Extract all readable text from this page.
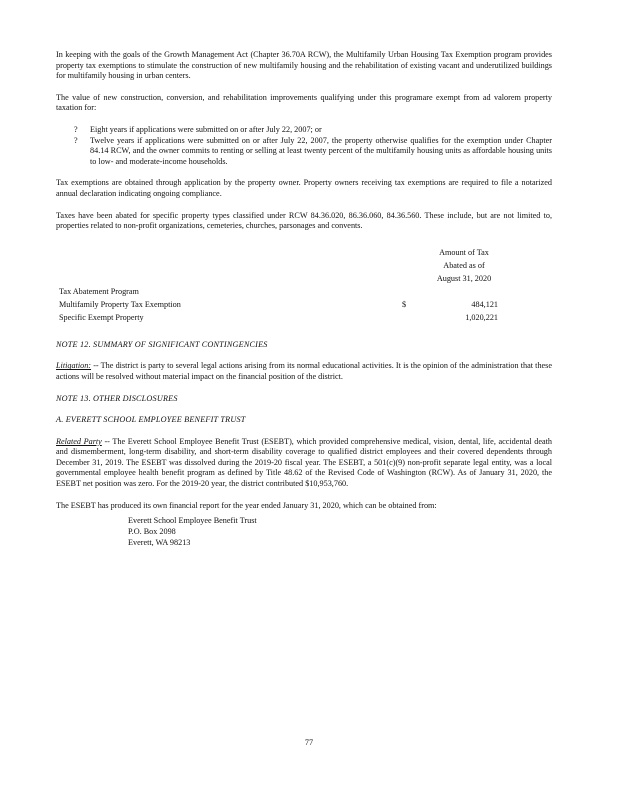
In keeping with the goals of the Growth Management Act (Chapter 36.70A RCW), the Multifamily Urban Housing Tax Exemption program provides property tax exemptions to stimulate the construction of new multifamily housing and the rehabilitation of existing vacant and underutilized buildings for multifamily housing in urban centers.

The value of new construction, conversion, and rehabilitation improvements qualifying under this programare exempt from ad valorem property taxation for:

? Eight years if applications were submitted on or after July 22, 2007; or
? Twelve years if applications were submitted on or after July 22, 2007, the property otherwise qualifies for the exemption under Chapter 84.14 RCW, and the owner commits to renting or selling at least twenty percent of the multifamily housing units as affordable housing units to low- and moderate-income households.

Tax exemptions are obtained through application by the property owner. Property owners receiving tax exemptions are required to file a notarized annual declaration indicating ongoing compliance.

Taxes have been abated for specific property types classified under RCW 84.36.020, 86.36.060, 84.36.560. These include, but are not limited to, properties related to non-profit organizations, cemeteries, churches, parsonages and convents.

Amount of Tax
Abated as of
August 31, 2020
Tax Abatement Program
Multifamily Property Tax Exemption	$	484,121
Specific Exempt Property	1,020,221
NOTE 12. SUMMARY OF SIGNIFICANT CONTINGENCIES

Litigation: -- The district is party to several legal actions arising from its normal educational activities. It is the opinion of the administration that these actions will be resolved without material impact on the financial position of the district.

NOTE 13. OTHER DISCLOSURES
A. EVERETT SCHOOL EMPLOYEE BENEFIT TRUST

Related Party -- The Everett School Employee Benefit Trust (ESEBT), which provided comprehensive medical, vision, dental, life, accidental death and dismemberment, long-term disability, and short-term disability coverage to qualified district employees and their covered dependents through December 31, 2019. The ESEBT was dissolved during the 2019-20 fiscal year. The ESEBT, a 501(c)(9) non-profit separate legal entity, was a local governmental employee health benefit program as defined by Title 48.62 of the Revised Code of Washington (RCW). As of January 31, 2020, the ESEBT net position was zero. For the 2019-20 year, the district contributed $10,953,760.

The ESEBT has produced its own financial report for the year ended January 31, 2020, which can be obtained from:

Everett School Employee Benefit Trust
P.O. Box 2098
Everett, WA 98213
77
